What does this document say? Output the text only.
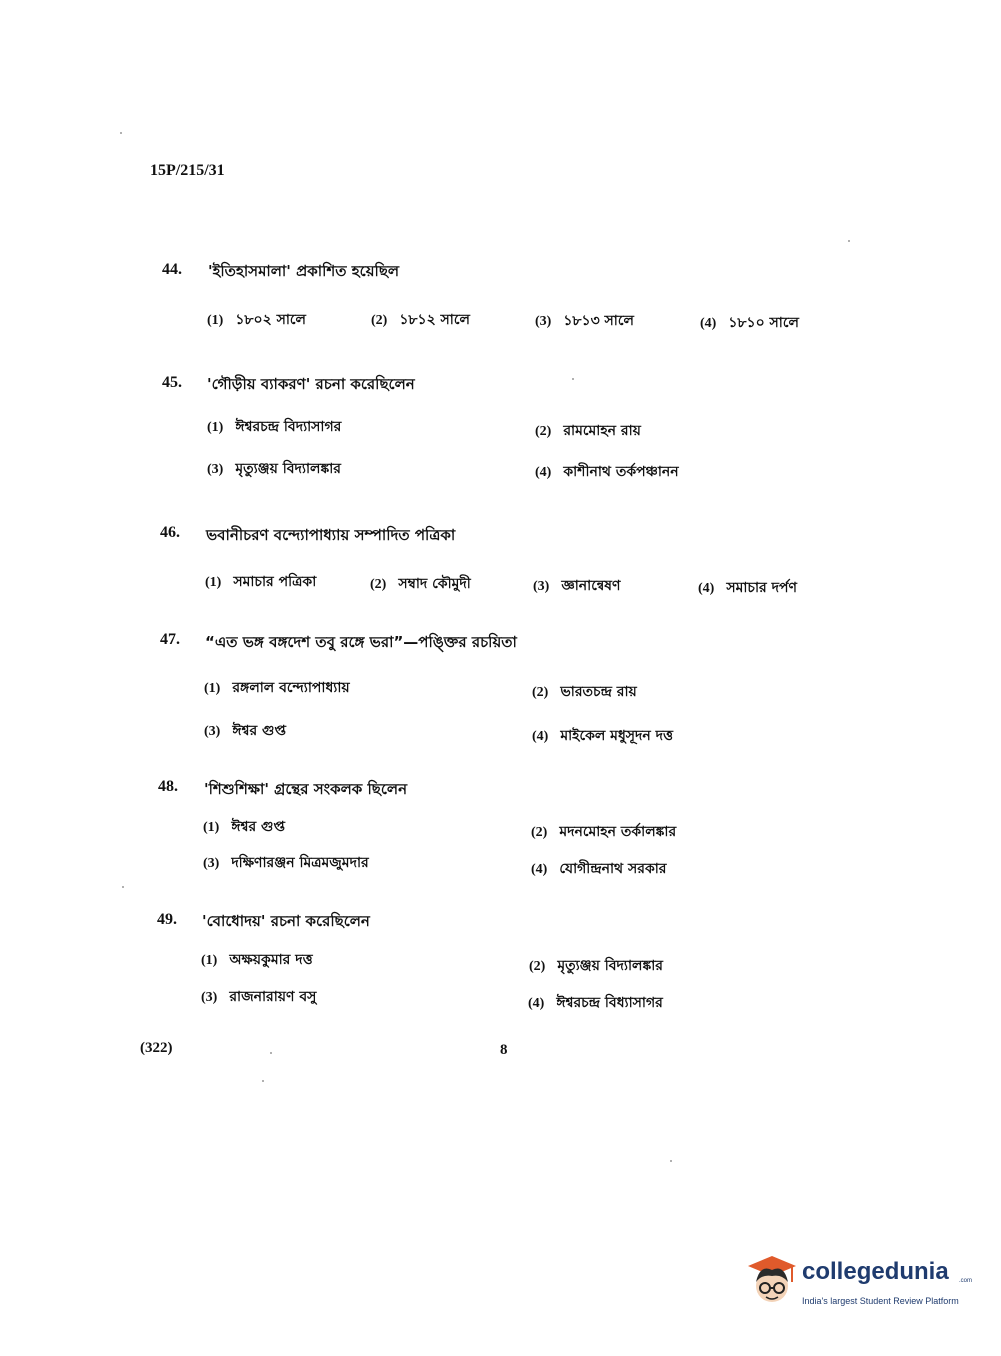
15P/215/31
44. 'ইতিহাসমালা' প্রকাশিত হয়েছিল
(1) ১৮০২ সালে	(2) ১৮১২ সালে	(3) ১৮১৩ সালে	(4) ১৮১০ সালে
45. 'গৌড়ীয় ব্যাকরণ' রচনা করেছিলেন
(1) ঈশ্বরচন্দ্র বিদ্যাসাগর	(2) রামমোহন রায়
(3) মৃত্যুঞ্জয় বিদ্যালঙ্কার	(4) কাশীনাথ তর্কপঞ্চানন
46. ভবানীচরণ বন্দ্যোপাধ্যায় সম্পাদিত পত্রিকা
(1) সমাচার পত্রিকা	(2) সম্বাদ কৌমুদী	(3) জ্ঞানান্বেষণ	(4) সমাচার দর্পণ
47. “এত ভঙ্গ বঙ্গদেশ তবু রঙ্গে ভরা”—পঙ্ক্তির রচয়িতা
(1) রঙ্গলাল বন্দ্যোপাধ্যায়	(2) ভারতচন্দ্র রায়
(3) ঈশ্বর গুপ্ত	(4) মাইকেল মধুসূদন দত্ত
48. 'শিশুশিক্ষা' গ্রন্থের সংকলক ছিলেন
(1) ঈশ্বর গুপ্ত	(2) মদনমোহন তর্কালঙ্কার
(3) দক্ষিণারঞ্জন মিত্রমজুমদার	(4) যোগীন্দ্রনাথ সরকার
49. 'বোধোদয়' রচনা করেছিলেন
(1) অক্ষয়কুমার দত্ত	(2) মৃত্যুঞ্জয় বিদ্যালঙ্কার
(3) রাজনারায়ণ বসু	(4) ঈশ্বরচন্দ্র বিধ্যাসাগর
(322)	8
collegedunia .com
India's largest Student Review Platform
